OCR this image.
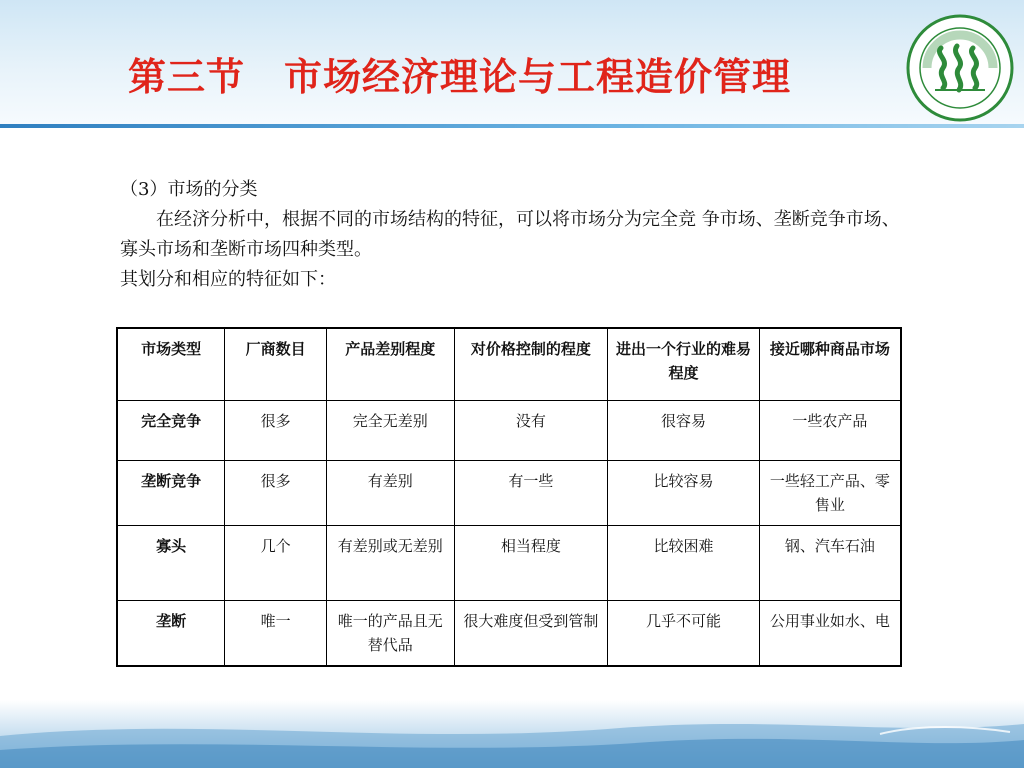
第三节　市场经济理论与工程造价管理

（3）市场的分类

在经济分析中，根据不同的市场结构的特征，可以将市场分为完全竞 争市场、垄断竞争市场、寡头市场和垄断市场四种类型。

其划分和相应的特征如下：

市场类型	厂商数目	产品差别程度	对价格控制的程度	进出一个行业的难易程度	接近哪种商品市场
完全竞争	很多	完全无差别	没有	很容易	一些农产品
垄断竞争	很多	有差别	有一些	比较容易	一些轻工产品、零售业
寡头	几个	有差别或无差别	相当程度	比较困难	钢、汽车石油
垄断	唯一	唯一的产品且无替代品	很大难度但受到管制	几乎不可能	公用事业如水、电
